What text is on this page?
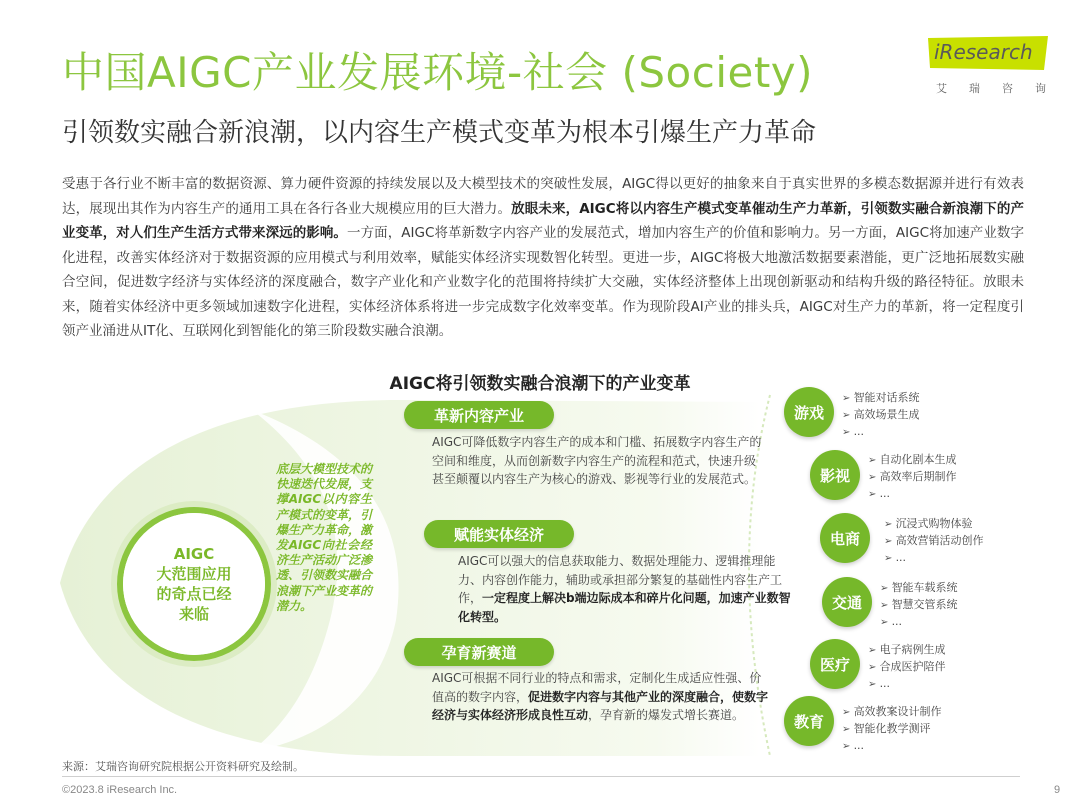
中国AIGC产业发展环境-社会 (Society)
引领数实融合新浪潮，以内容生产模式变革为根本引爆生产力革命
iResearch
艾瑞咨询
受惠于各行业不断丰富的数据资源、算力硬件资源的持续发展以及大模型技术的突破性发展，AIGC得以更好的抽象来自于真实世界的多模态数据源并进行有效表达，展现出其作为内容生产的通用工具在各行各业大规模应用的巨大潜力。放眼未来，AIGC将以内容生产模式变革催动生产力革新，引领数实融合新浪潮下的产业变革，对人们生产生活方式带来深远的影响。一方面，AIGC将革新数字内容产业的发展范式，增加内容生产的价值和影响力。另一方面，AIGC将加速产业数字化进程，改善实体经济对于数据资源的应用模式与利用效率，赋能实体经济实现数智化转型。更进一步，AIGC将极大地激活数据要素潜能，更广泛地拓展数实融合空间，促进数字经济与实体经济的深度融合，数字产业化和产业数字化的范围将持续扩大交融，实体经济整体上出现创新驱动和结构升级的路径特征。放眼未来，随着实体经济中更多领域加速数字化进程，实体经济体系将进一步完成数字化效率变革。作为现阶段AI产业的排头兵，AIGC对生产力的革新，将一定程度引领产业涌进从IT化、互联网化到智能化的第三阶段数实融合浪潮。
AIGC将引领数实融合浪潮下的产业变革
AIGC
大范围应用
的奇点已经
来临
底层大模型技术的快速迭代发展，支撑AIGC以内容生产模式的变革，引爆生产力革命，激发AIGC向社会经济生产活动广泛渗透、引领数实融合浪潮下产业变革的潜力。
革新内容产业
AIGC可降低数字内容生产的成本和门槛、拓展数字内容生产的空间和维度，从而创新数字内容生产的流程和范式，快速升级甚至颠覆以内容生产为核心的游戏、影视等行业的发展范式。
赋能实体经济
AIGC可以强大的信息获取能力、数据处理能力、逻辑推理能力、内容创作能力，辅助或承担部分繁复的基础性内容生产工作，一定程度上解决b端边际成本和碎片化问题，加速产业数智化转型。
孕育新赛道
AIGC可根据不同行业的特点和需求，定制化生成适应性强、价值高的数字内容，促进数字内容与其他产业的深度融合，使数字经济与实体经济形成良性互动，孕育新的爆发式增长赛道。
游戏
➢ 智能对话系统
➢ 高效场景生成
➢ ...
影视
➢ 自动化剧本生成
➢ 高效率后期制作
➢ ...
电商
➢ 沉浸式购物体验
➢ 高效营销活动创作
➢ ...
交通
➢ 智能车载系统
➢ 智慧交管系统
➢ ...
医疗
➢ 电子病例生成
➢ 合成医护陪伴
➢ ...
教育
➢ 高效教案设计制作
➢ 智能化教学测评
➢ ...
来源：艾瑞咨询研究院根据公开资料研究及绘制。
©2023.8 iResearch Inc.	9
